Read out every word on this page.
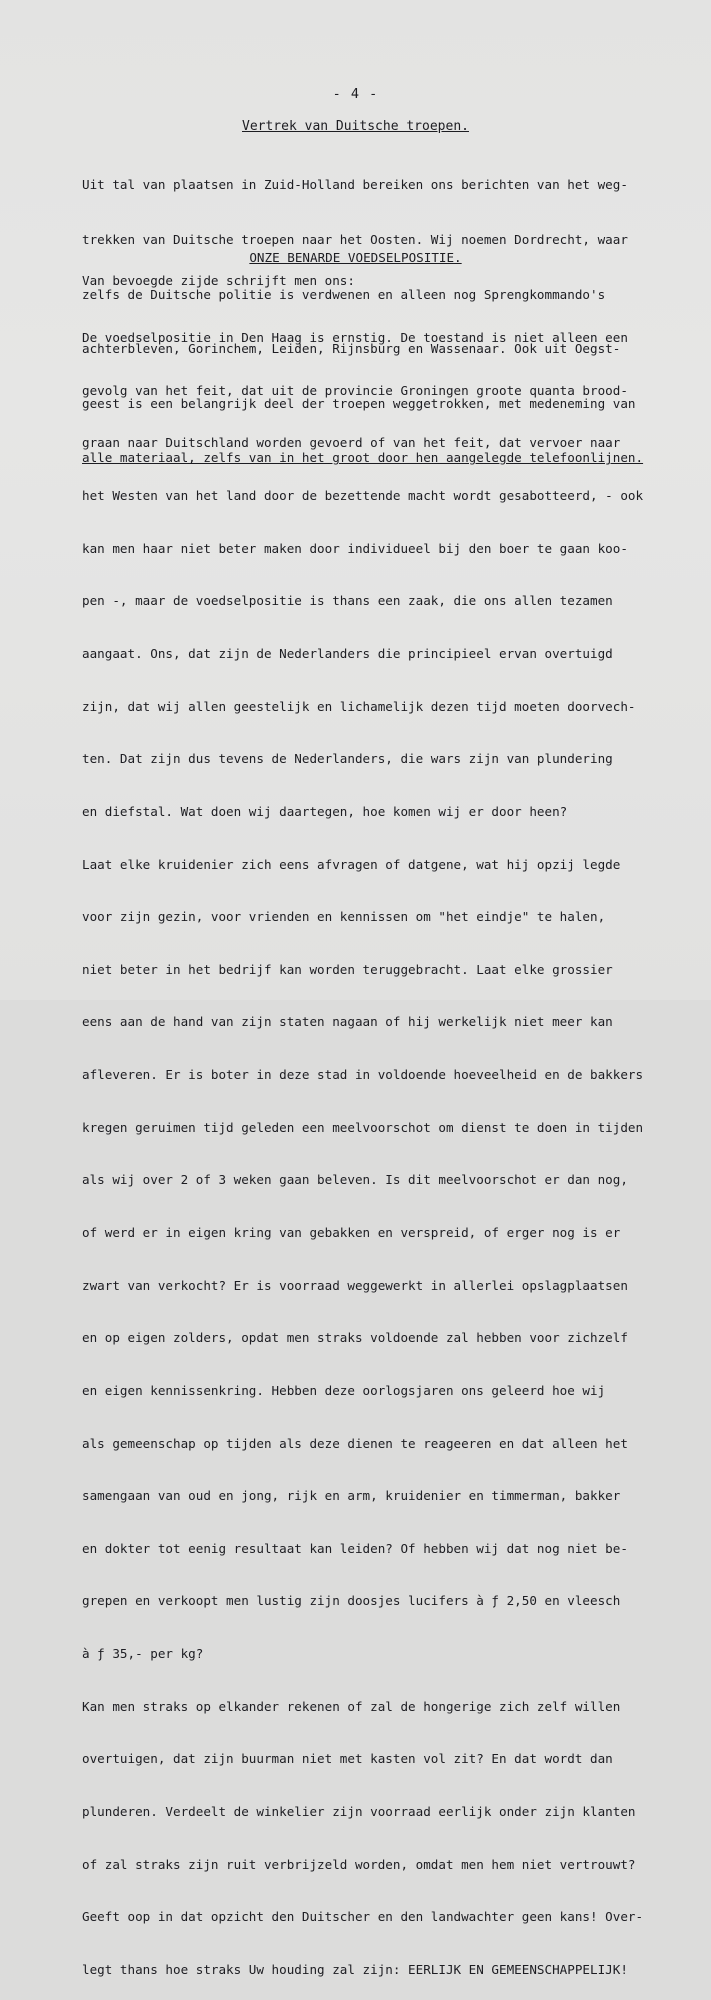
- 4 -
Vertrek van Duitsche troepen.

Uit tal van plaatsen in Zuid-Holland bereiken ons berichten van het weg-

trekken van Duitsche troepen naar het Oosten. Wij noemen Dordrecht, waar

zelfs de Duitsche politie is verdwenen en alleen nog Sprengkommando's

achterbleven, Gorinchem, Leiden, Rijnsburg en Wassenaar. Ook uit Oegst-

geest is een belangrijk deel der troepen weggetrokken, met medeneming van

alle materiaal, zelfs van in het groot door hen aangelegde telefoonlijnen.

ONZE BENARDE VOEDSELPOSITIE.
Van bevoegde zijde schrijft men ons:

De voedselpositie in Den Haag is ernstig. De toestand is niet alleen een

gevolg van het feit, dat uit de provincie Groningen groote quanta brood-

graan naar Duitschland worden gevoerd of van het feit, dat vervoer naar

het Westen van het land door de bezettende macht wordt gesabotteerd, - ook

kan men haar niet beter maken door individueel bij den boer te gaan koo-

pen -, maar de voedselpositie is thans een zaak, die ons allen tezamen

aangaat. Ons, dat zijn de Nederlanders die principieel ervan overtuigd

zijn, dat wij allen geestelijk en lichamelijk dezen tijd moeten doorvech-

ten. Dat zijn dus tevens de Nederlanders, die wars zijn van plundering

en diefstal. Wat doen wij daartegen, hoe komen wij er door heen?

Laat elke kruidenier zich eens afvragen of datgene, wat hij opzij legde

voor zijn gezin, voor vrienden en kennissen om "het eindje" te halen,

niet beter in het bedrijf kan worden teruggebracht. Laat elke grossier

eens aan de hand van zijn staten nagaan of hij werkelijk niet meer kan

afleveren. Er is boter in deze stad in voldoende hoeveelheid en de bakkers

kregen geruimen tijd geleden een meelvoorschot om dienst te doen in tijden

als wij over 2 of 3 weken gaan beleven. Is dit meelvoorschot er dan nog,

of werd er in eigen kring van gebakken en verspreid, of erger nog is er

zwart van verkocht? Er is voorraad weggewerkt in allerlei opslagplaatsen

en op eigen zolders, opdat men straks voldoende zal hebben voor zichzelf

en eigen kennissenkring. Hebben deze oorlogsjaren ons geleerd hoe wij

als gemeenschap op tijden als deze dienen te reageeren en dat alleen het

samengaan van oud en jong, rijk en arm, kruidenier en timmerman, bakker

en dokter tot eenig resultaat kan leiden? Of hebben wij dat nog niet be-

grepen en verkoopt men lustig zijn doosjes lucifers à ƒ 2,50 en vleesch

à ƒ 35,- per kg?

Kan men straks op elkander rekenen of zal de hongerige zich zelf willen

overtuigen, dat zijn buurman niet met kasten vol zit? En dat wordt dan

plunderen. Verdeelt de winkelier zijn voorraad eerlijk onder zijn klanten

of zal straks zijn ruit verbrijzeld worden, omdat men hem niet vertrouwt?

Geeft oop in dat opzicht den Duitscher en den landwachter geen kans! Over-

legt thans hoe straks Uw houding zal zijn: EERLIJK EN GEMEENSCHAPPELIJK!
